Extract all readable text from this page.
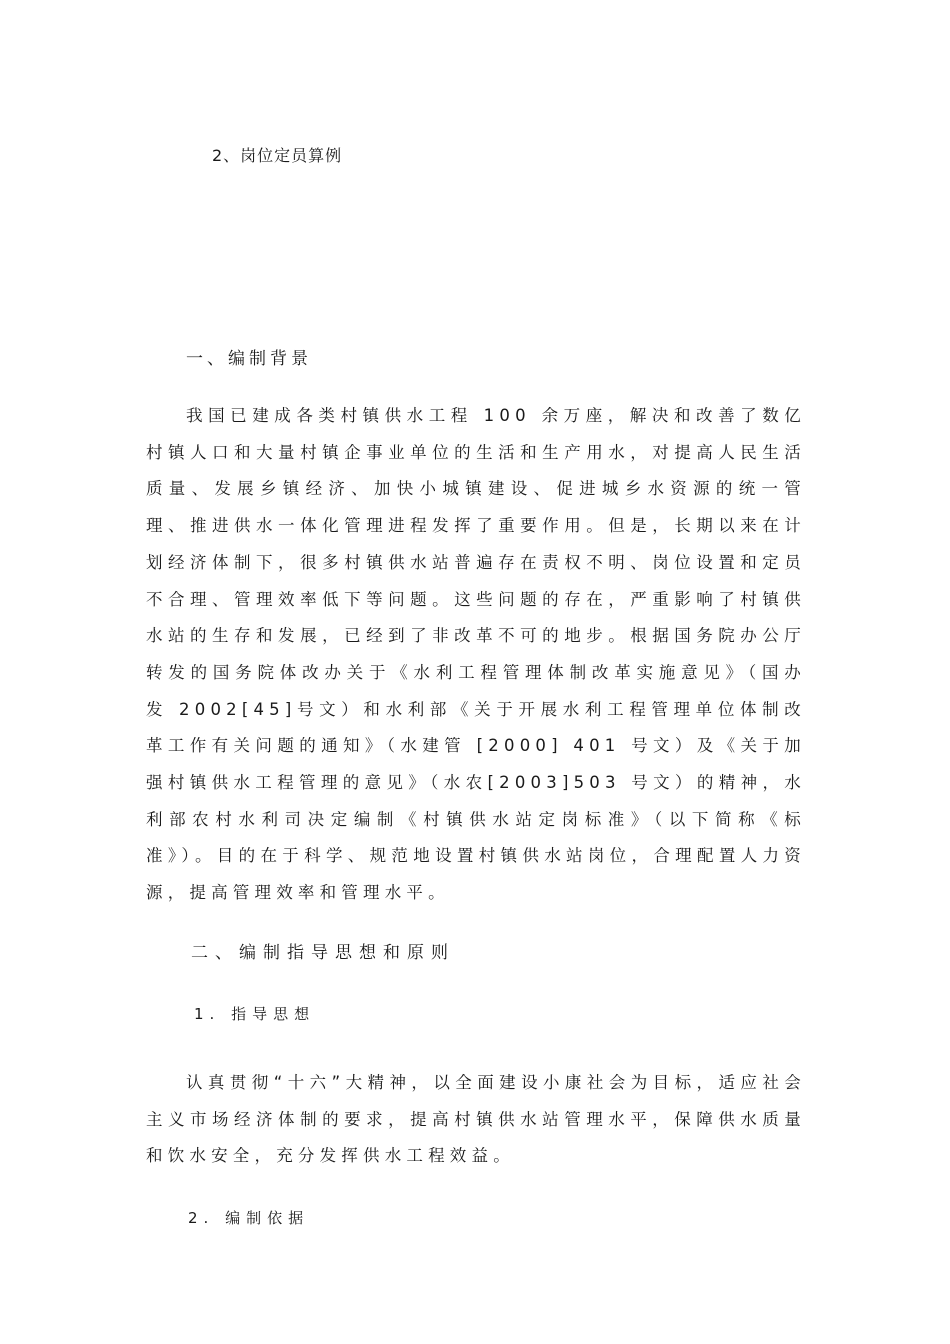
2、岗位定员算例
一、编制背景

我国已建成各类村镇供水工程 100 余万座，解决和改善了数亿村镇人口和大量村镇企事业单位的生活和生产用水，对提高人民生活质量、发展乡镇经济、加快小城镇建设、促进城乡水资源的统一管理、推进供水一体化管理进程发挥了重要作用。但是，长期以来在计划经济体制下，很多村镇供水站普遍存在责权不明、岗位设置和定员不合理、管理效率低下等问题。这些问题的存在，严重影响了村镇供水站的生存和发展，已经到了非改革不可的地步。根据国务院办公厅转发的国务院体改办关于《水利工程管理体制改革实施意见》（国办发 2002[45]号文）和水利部《关于开展水利工程管理单位体制改革工作有关问题的通知》（水建管 [2000] 401 号文）及《关于加强村镇供水工程管理的意见》（水农[2003]503 号文）的精神，水利部农村水利司决定编制《村镇供水站定岗标准》（以下简称《标准》）。目的在于科学、规范地设置村镇供水站岗位，合理配置人力资源，提高管理效率和管理水平。

二、编制指导思想和原则
1. 指导思想

认真贯彻“十六”大精神，以全面建设小康社会为目标，适应社会主义市场经济体制的要求，提高村镇供水站管理水平，保障供水质量和饮水安全，充分发挥供水工程效益。

2. 编制依据
